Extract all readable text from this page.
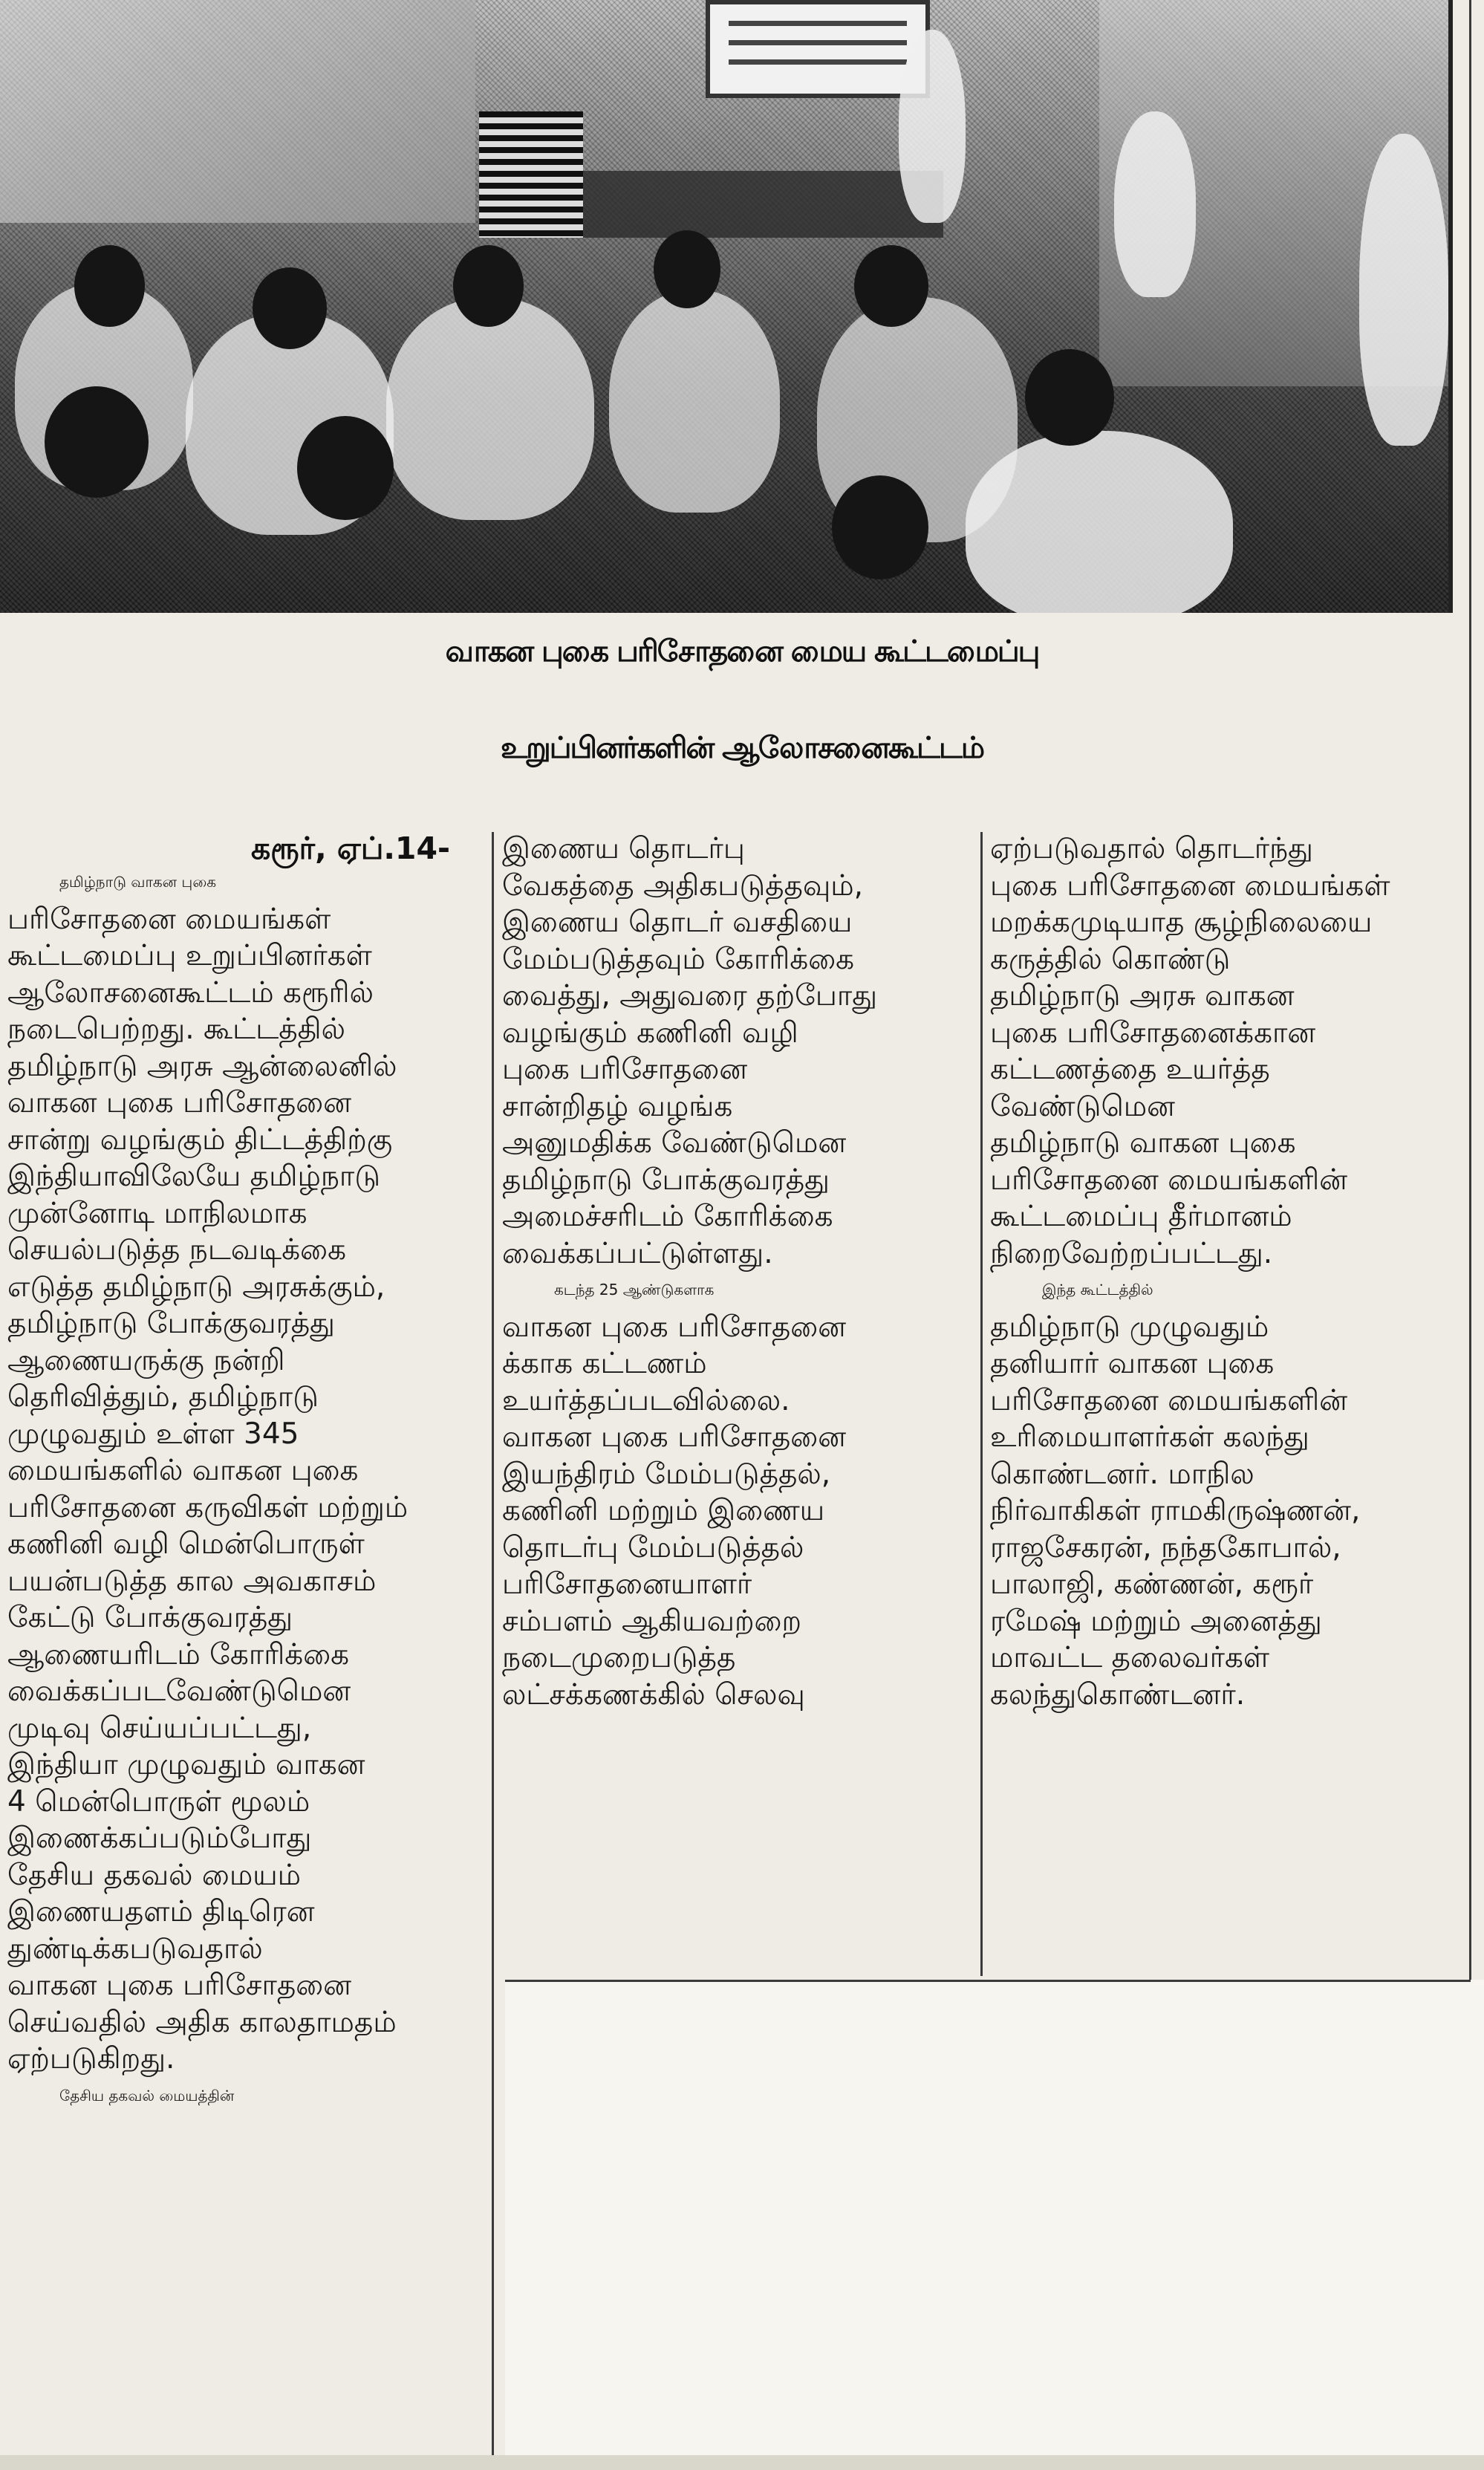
வாகன புகை பரிசோதனை மைய கூட்டமைப்பு
உறுப்பினர்களின் ஆலோசனைகூட்டம்
கரூர், ஏப்.14-

தமிழ்நாடு வாகன புகை

பரிசோதனை மையங்கள்

கூட்டமைப்பு உறுப்பினர்கள்

ஆலோசனைகூட்டம் கரூரில்

நடைபெற்றது. கூட்டத்தில்

தமிழ்நாடு அரசு ஆன்லைனில்

வாகன புகை பரிசோதனை

சான்று வழங்கும் திட்டத்திற்கு

இந்தியாவிலேயே தமிழ்நாடு

முன்னோடி மாநிலமாக

செயல்படுத்த நடவடிக்கை

எடுத்த தமிழ்நாடு அரசுக்கும்,

தமிழ்நாடு போக்குவரத்து

ஆணையருக்கு நன்றி

தெரிவித்தும், தமிழ்நாடு

முழுவதும் உள்ள 345

மையங்களில் வாகன புகை

பரிசோதனை கருவிகள் மற்றும்

கணினி வழி மென்பொருள்

பயன்படுத்த கால அவகாசம்

கேட்டு போக்குவரத்து

ஆணையரிடம் கோரிக்கை

வைக்கப்படவேண்டுமென

முடிவு செய்யப்பட்டது,

இந்தியா முழுவதும் வாகன

4 மென்பொருள் மூலம்

இணைக்கப்படும்போது

தேசிய தகவல் மையம்

இணையதளம் திடிரென

துண்டிக்கபடுவதால்

வாகன புகை பரிசோதனை

செய்வதில் அதிக காலதாமதம்

ஏற்படுகிறது.

தேசிய தகவல் மையத்தின்

இணைய தொடர்பு

வேகத்தை அதிகபடுத்தவும்,

இணைய தொடர் வசதியை

மேம்படுத்தவும் கோரிக்கை

வைத்து, அதுவரை தற்போது

வழங்கும் கணினி வழி

புகை பரிசோதனை

சான்றிதழ் வழங்க

அனுமதிக்க வேண்டுமென

தமிழ்நாடு போக்குவரத்து

அமைச்சரிடம் கோரிக்கை

வைக்கப்பட்டுள்ளது.

கடந்த 25 ஆண்டுகளாக

வாகன புகை பரிசோதனை

க்காக கட்டணம்

உயர்த்தப்படவில்லை.

வாகன புகை பரிசோதனை

இயந்திரம் மேம்படுத்தல்,

கணினி மற்றும் இணைய

தொடர்பு மேம்படுத்தல்

பரிசோதனையாளர்

சம்பளம் ஆகியவற்றை

நடைமுறைபடுத்த

லட்சக்கணக்கில் செலவு

ஏற்படுவதால் தொடர்ந்து

புகை பரிசோதனை மையங்கள்

மறக்கமுடியாத சூழ்நிலையை

கருத்தில் கொண்டு

தமிழ்நாடு அரசு வாகன

புகை பரிசோதனைக்கான

கட்டணத்தை உயர்த்த

வேண்டுமென

தமிழ்நாடு வாகன புகை

பரிசோதனை மையங்களின்

கூட்டமைப்பு தீர்மானம்

நிறைவேற்றப்பட்டது.

இந்த கூட்டத்தில்

தமிழ்நாடு முழுவதும்

தனியார் வாகன புகை

பரிசோதனை மையங்களின்

உரிமையாளர்கள் கலந்து

கொண்டனர். மாநில

நிர்வாகிகள் ராமகிருஷ்ணன்,

ராஜசேகரன், நந்தகோபால்,

பாலாஜி, கண்ணன், கரூர்

ரமேஷ் மற்றும் அனைத்து

மாவட்ட தலைவர்கள்

கலந்துகொண்டனர்.
